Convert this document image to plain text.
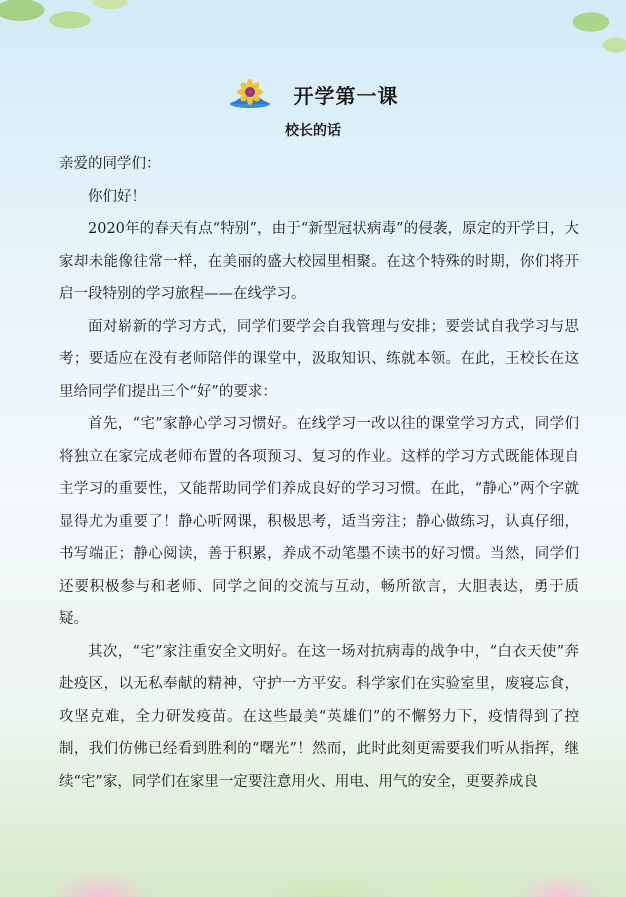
开学第一课
校长的话

亲爱的同学们：

你们好！

2020年的春天有点“特别”，由于“新型冠状病毒”的侵袭，原定的开学日，大家却未能像往常一样，在美丽的盛大校园里相聚。在这个特殊的时期，你们将开启一段特别的学习旅程——在线学习。

面对崭新的学习方式，同学们要学会自我管理与安排；要尝试自我学习与思考；要适应在没有老师陪伴的课堂中，汲取知识、练就本领。在此，王校长在这里给同学们提出三个“好”的要求：

首先，“宅”家静心学习习惯好。在线学习一改以往的课堂学习方式，同学们将独立在家完成老师布置的各项预习、复习的作业。这样的学习方式既能体现自主学习的重要性，又能帮助同学们养成良好的学习习惯。在此，“静心”两个字就显得尤为重要了！静心听网课，积极思考，适当旁注；静心做练习，认真仔细，书写端正；静心阅读，善于积累，养成不动笔墨不读书的好习惯。当然，同学们还要积极参与和老师、同学之间的交流与互动，畅所欲言，大胆表达，勇于质疑。

其次，“宅”家注重安全文明好。在这一场对抗病毒的战争中，“白衣天使”奔赴疫区，以无私奉献的精神，守护一方平安。科学家们在实验室里，废寝忘食，攻坚克难，全力研发疫苗。在这些最美“英雄们”的不懈努力下，疫情得到了控制，我们仿佛已经看到胜利的“曙光”！然而，此时此刻更需要我们听从指挥，继续“宅”家，同学们在家里一定要注意用火、用电、用气的安全，更要养成良
